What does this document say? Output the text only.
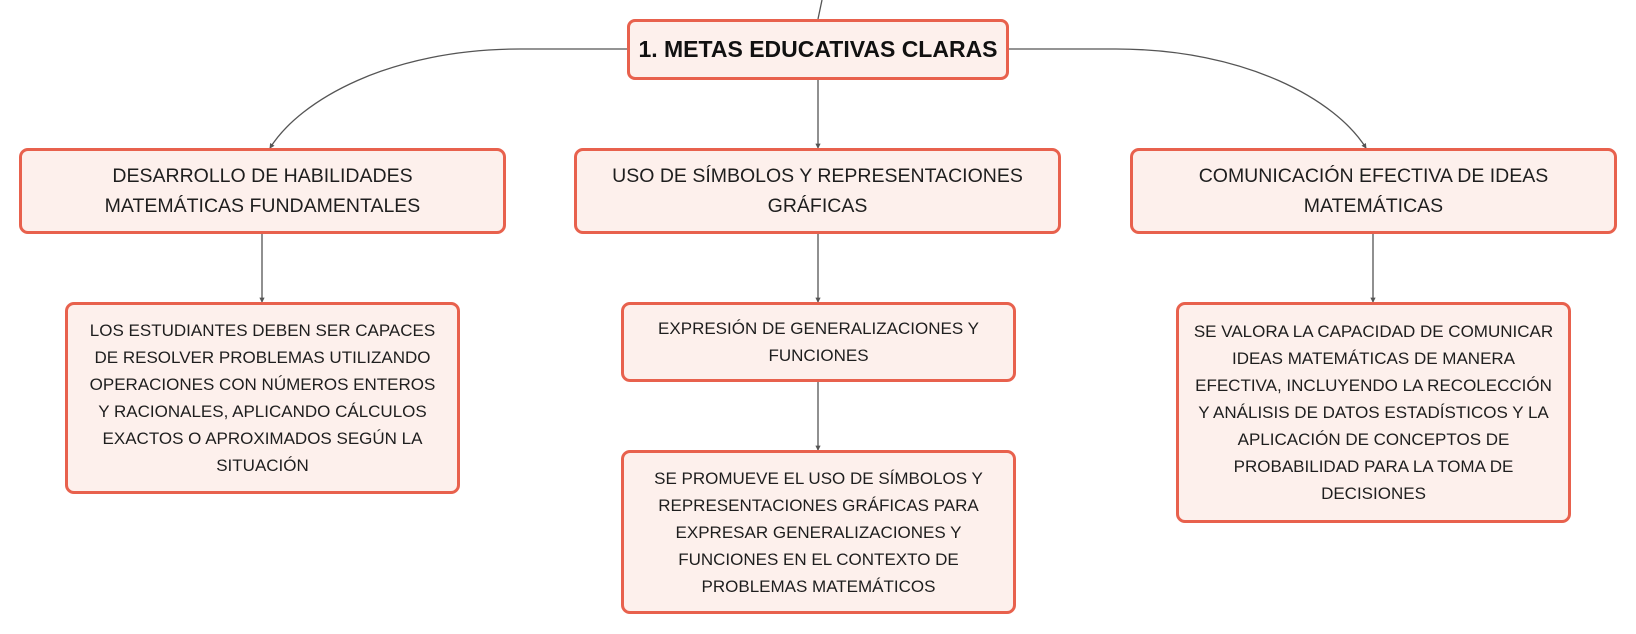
1. METAS EDUCATIVAS CLARAS
DESARROLLO DE HABILIDADES MATEMÁTICAS FUNDAMENTALES
USO DE SÍMBOLOS Y REPRESENTACIONES GRÁFICAS
COMUNICACIÓN EFECTIVA DE IDEAS MATEMÁTICAS
LOS ESTUDIANTES DEBEN SER CAPACES DE RESOLVER PROBLEMAS UTILIZANDO OPERACIONES CON NÚMEROS ENTEROS Y RACIONALES, APLICANDO CÁLCULOS EXACTOS O APROXIMADOS SEGÚN LA SITUACIÓN
EXPRESIÓN DE GENERALIZACIONES Y FUNCIONES
SE PROMUEVE EL USO DE SÍMBOLOS Y REPRESENTACIONES GRÁFICAS PARA EXPRESAR GENERALIZACIONES Y FUNCIONES EN EL CONTEXTO DE PROBLEMAS MATEMÁTICOS
SE VALORA LA CAPACIDAD DE COMUNICAR IDEAS MATEMÁTICAS DE MANERA EFECTIVA, INCLUYENDO LA RECOLECCIÓN Y ANÁLISIS DE DATOS ESTADÍSTICOS Y LA APLICACIÓN DE CONCEPTOS DE PROBABILIDAD PARA LA TOMA DE DECISIONES
